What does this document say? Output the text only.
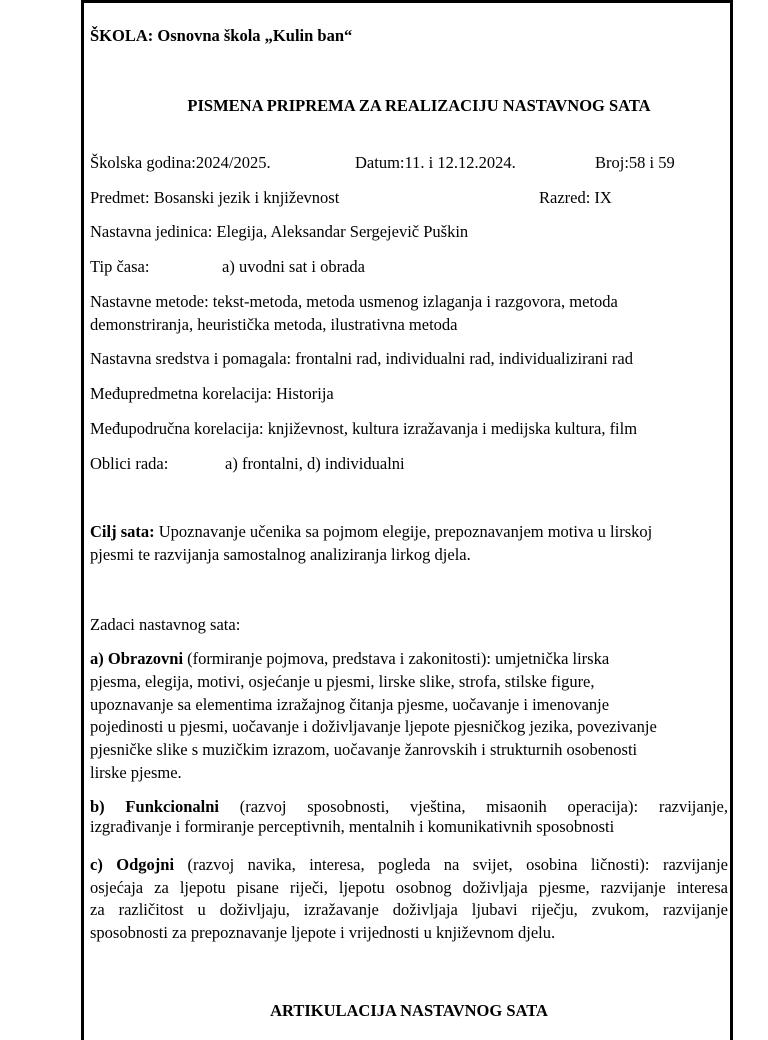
ŠKOLA: Osnovna škola „Kulin ban“
PISMENA PRIPREMA ZA REALIZACIJU NASTAVNOG SATA
Školska godina:2024/2025.	Datum:11. i 12.12.2024.	Broj:58 i 59
Predmet: Bosanski jezik i književnost	Razred: IX
Nastavna jedinica: Elegija, Aleksandar Sergejevič Puškin
Tip časa:	a) uvodni sat i obrada
Nastavne metode: tekst-metoda, metoda usmenog izlaganja i razgovora, metoda
demonstriranja, heuristička metoda, ilustrativna metoda
Nastavna sredstva i pomagala: frontalni rad, individualni rad, individualizirani rad
Međupredmetna korelacija: Historija
Međupodručna korelacija: književnost, kultura izražavanja i medijska kultura, film
Oblici rada:	a) frontalni, d) individualni
Cilj sata: Upoznavanje učenika sa pojmom elegije, prepoznavanjem motiva u lirskoj
pjesmi te razvijanja samostalnog analiziranja lirkog djela.
Zadaci nastavnog sata:
a) Obrazovni (formiranje pojmova, predstava i zakonitosti): umjetnička lirska
pjesma, elegija, motivi, osjećanje u pjesmi, lirske slike, strofa, stilske figure,
upoznavanje sa elementima izražajnog čitanja pjesme, uočavanje i imenovanje
pojedinosti u pjesmi, uočavanje i doživljavanje ljepote pjesničkog jezika, povezivanje
pjesničke slike s muzičkim izrazom, uočavanje žanrovskih i strukturnih osobenosti
lirske pjesme.
b) Funkcionalni (razvoj sposobnosti, vještina, misaonih operacija): razvijanje,
izgrađivanje i formiranje perceptivnih, mentalnih i komunikativnih sposobnosti
c) Odgojni (razvoj navika, interesa, pogleda na svijet, osobina ličnosti): razvijanje
osjećaja za ljepotu pisane riječi, ljepotu osobnog doživljaja pjesme, razvijanje interesa
za različitost u doživljaju, izražavanje doživljaja ljubavi riječju, zvukom, razvijanje
sposobnosti za prepoznavanje ljepote i vrijednosti u književnom djelu.
ARTIKULACIJA NASTAVNOG SATA
